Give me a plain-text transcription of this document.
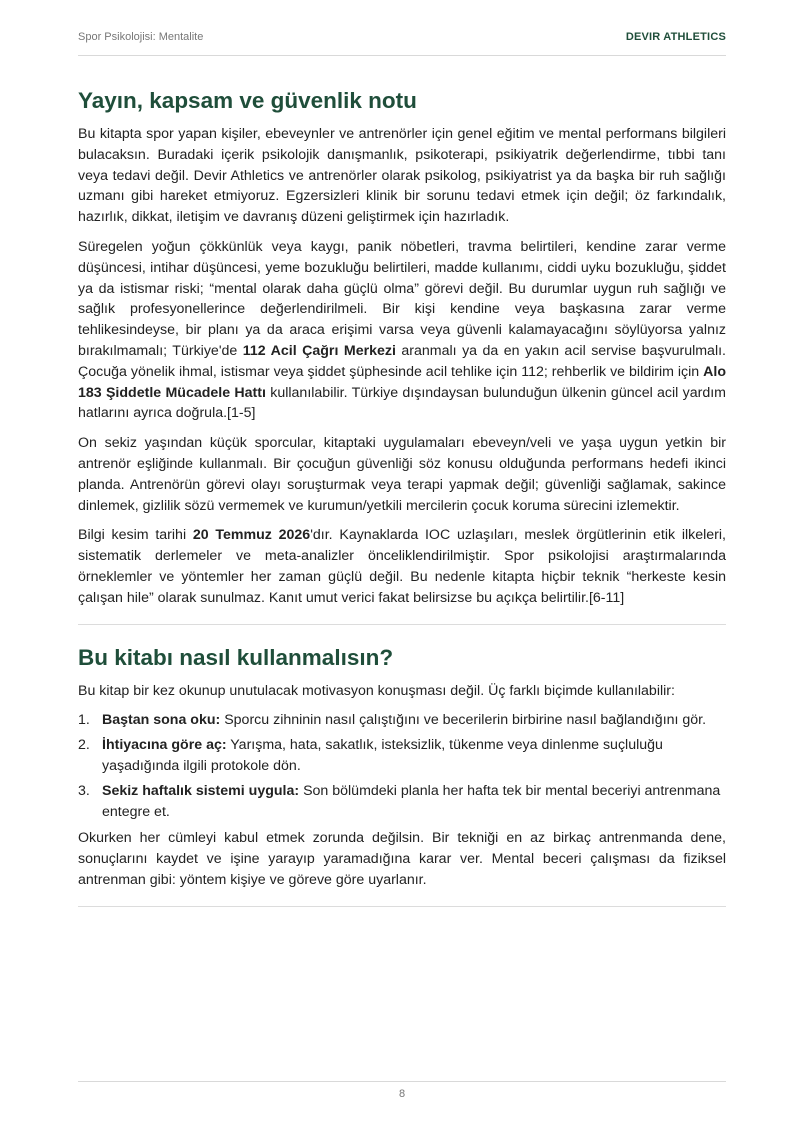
Spor Psikolojisi: Mentalite	DEVIR ATHLETICS
Yayın, kapsam ve güvenlik notu

Bu kitapta spor yapan kişiler, ebeveynler ve antrenörler için genel eğitim ve mental performans bilgileri bulacaksın. Buradaki içerik psikolojik danışmanlık, psikoterapi, psikiyatrik değerlendirme, tıbbi tanı veya tedavi değil. Devir Athletics ve antrenörler olarak psikolog, psikiyatrist ya da başka bir ruh sağlığı uzmanı gibi hareket etmiyoruz. Egzersizleri klinik bir sorunu tedavi etmek için değil; öz farkındalık, hazırlık, dikkat, iletişim ve davranış düzeni geliştirmek için hazırladık.

Süregelen yoğun çökkünlük veya kaygı, panik nöbetleri, travma belirtileri, kendine zarar verme düşüncesi, intihar düşüncesi, yeme bozukluğu belirtileri, madde kullanımı, ciddi uyku bozukluğu, şiddet ya da istismar riski; “mental olarak daha güçlü olma” görevi değil. Bu durumlar uygun ruh sağlığı ve sağlık profesyonellerince değerlendirilmeli. Bir kişi kendine veya başkasına zarar verme tehlikesindeyse, bir planı ya da araca erişimi varsa veya güvenli kalamayacağını söylüyorsa yalnız bırakılmamalı; Türkiye'de 112 Acil Çağrı Merkezi aranmalı ya da en yakın acil servise başvurulmalı. Çocuğa yönelik ihmal, istismar veya şiddet şüphesinde acil tehlike için 112; rehberlik ve bildirim için Alo 183 Şiddetle Mücadele Hattı kullanılabilir. Türkiye dışındaysan bulunduğun ülkenin güncel acil yardım hatlarını ayrıca doğrula.[1-5]

On sekiz yaşından küçük sporcular, kitaptaki uygulamaları ebeveyn/veli ve yaşa uygun yetkin bir antrenör eşliğinde kullanmalı. Bir çocuğun güvenliği söz konusu olduğunda performans hedefi ikinci planda. Antrenörün görevi olayı soruşturmak veya terapi yapmak değil; güvenliği sağlamak, sakince dinlemek, gizlilik sözü vermemek ve kurumun/yetkili mercilerin çocuk koruma sürecini izlemektir.

Bilgi kesim tarihi 20 Temmuz 2026'dır. Kaynaklarda IOC uzlaşıları, meslek örgütlerinin etik ilkeleri, sistematik derlemeler ve meta-analizler önceliklendirilmiştir. Spor psikolojisi araştırmalarında örneklemler ve yöntemler her zaman güçlü değil. Bu nedenle kitapta hiçbir teknik “herkeste kesin çalışan hile” olarak sunulmaz. Kanıt umut verici fakat belirsizse bu açıkça belirtilir.[6-11]

Bu kitabı nasıl kullanmalısın?

Bu kitap bir kez okunup unutulacak motivasyon konuşması değil. Üç farklı biçimde kullanılabilir:

1. Baştan sona oku: Sporcu zihninin nasıl çalıştığını ve becerilerin birbirine nasıl bağlandığını gör.
2. İhtiyacına göre aç: Yarışma, hata, sakatlık, isteksizlik, tükenme veya dinlenme suçluluğu yaşadığında ilgili protokole dön.
3. Sekiz haftalık sistemi uygula: Son bölümdeki planla her hafta tek bir mental beceriyi antrenmana entegre et.

Okurken her cümleyi kabul etmek zorunda değilsin. Bir tekniği en az birkaç antrenmanda dene, sonuçlarını kaydet ve işine yarayıp yaramadığına karar ver. Mental beceri çalışması da fiziksel antrenman gibi: yöntem kişiye ve göreve göre uyarlanır.

8
